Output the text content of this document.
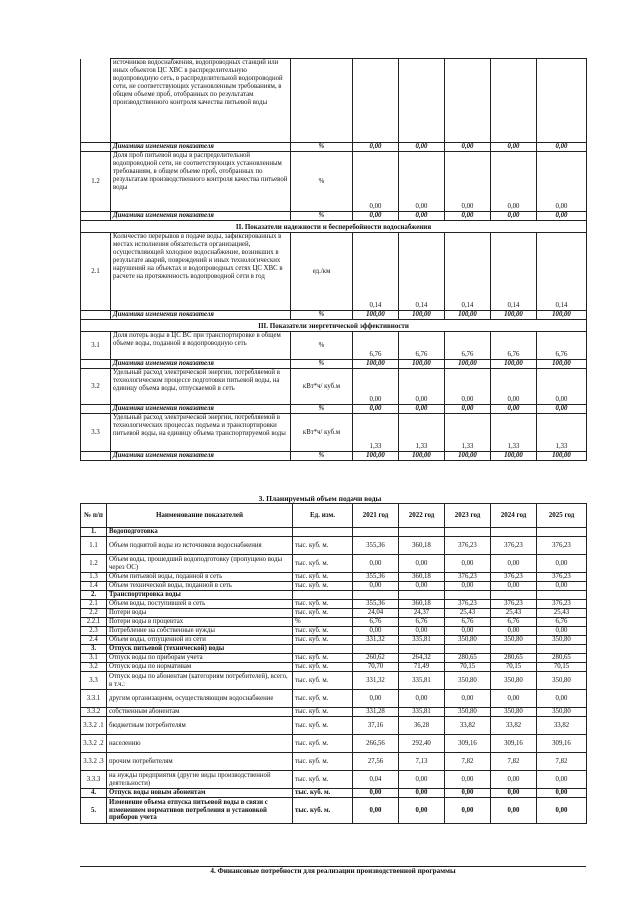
	источников водоснабжения, водопроводных станций или иных объектов ЦС ХВС в распределительную водопроводную сеть, в распределительной водопроводной сети, не соответствующих установленным требованиям, в общем объеме проб, отобранных по результатам производственного контроля качества питьевой воды						
	Динамика изменения показателя	%	0,00	0,00	0,00	0,00	0,00
1.2	Доля проб питьевой воды в распределительной водопроводной сети, не соответствующих установленным требованиям, в общем объеме проб, отобранных по результатам производственного контроля качества питьевой воды	%	0,00	0,00	0,00	0,00	0,00
	Динамика изменения показателя	%	0,00	0,00	0,00	0,00	0,00
II. Показатели надежности и бесперебойности водоснабжения							
2.1	Количество перерывов в подаче воды, зафиксированных в местах исполнения обязательств организацией, осуществляющей холодное водоснабжение, возникших в результате аварий, повреждений и иных технологических нарушений на объектах и водопроводных сетях ЦС ХВС в расчете на протяженность водопроводной сети в год	ед./км	0,14	0,14	0,14	0,14	0,14
	Динамика изменения показателя	%	100,00	100,00	100,00	100,00	100,00
III. Показатели энергетической эффективности							
3.1	Доля потерь воды в ЦС ВС при транспортировке в общем объеме воды, поданной в водопроводную сеть	%	6,76	6,76	6,76	6,76	6,76
	Динамика изменения показателя	%	100,00	100,00	100,00	100,00	100,00
3.2	Удельный расход электрической энергии, потребляемой в технологическом процессе подготовки питьевой воды, на единицу объема воды, отпускаемой в сеть	кВт*ч/ куб.м	0,00	0,00	0,00	0,00	0,00
	Динамика изменения показателя	%	0,00	0,00	0,00	0,00	0,00
3.3	Удельный расход электрической энергии, потребляемой в технологических процессах подъема и транспортировки питьевой воды, на единицу объема транспортируемой воды	кВт*ч/ куб.м	1,33	1,33	1,33	1,33	1,33
	Динамика изменения показателя	%	100,00	100,00	100,00	100,00	100,00
3. Планируемый объем подачи воды
№ п/п	Наименование показателей	Ед. изм.	2021 год	2022 год	2023 год	2024 год	2025 год
1.	Водоподготовка						
1.1	Объем поднятой воды из источников водоснабжения	тыс. куб. м.	355,36	360,18	376,23	376,23	376,23
1.2	Объем воды, прошедший водоподготовку (пропущено воды через ОС)	тыс. куб. м.	0,00	0,00	0,00	0,00	0,00
1.3	Объем питьевой воды, поданной в сеть	тыс. куб. м.	355,36	360,18	376,23	376,23	376,23
1.4	Объем технической воды, поданной в сеть	тыс. куб. м.	0,00	0,00	0,00	0,00	0,00
2.	Транспортировка воды						
2.1	Объем воды, поступившей в сеть	тыс. куб. м.	355,36	360,18	376,23	376,23	376,23
2.2	Потери воды	тыс. куб. м.	24,04	24,37	25,43	25,43	25,43
2.2.1	Потери воды в процентах	%	6,76	6,76	6,76	6,76	6,76
2.3	Потребление на собственные нужды	тыс. куб. м.	0,00	0,00	0,00	0,00	0,00
2.4	Объем воды, отпущенной из сети	тыс. куб. м.	331,32	335,81	350,80	350,80	350,80
3.	Отпуск питьевой (технической) воды						
3.1	Отпуск воды по приборам учета	тыс. куб. м.	260,62	264,32	280,65	280,65	280,65
3.2	Отпуск воды по нормативам	тыс. куб. м.	70,70	71,49	70,15	70,15	70,15
3.3	Отпуск воды по абонентам (категориям потребителей), всего, в т.ч.:	тыс. куб. м.	331,32	335,81	350,80	350,80	350,80
3.3.1	другим организациям, осуществляющим водоснабжение	тыс. куб. м.	0,00	0,00	0,00	0,00	0,00
3.3.2	собственным абонентам	тыс. куб. м.	331,28	335,81	350,80	350,80	350,80
3.3.2 .1	бюджетным потребителям	тыс. куб. м.	37,16	36,28	33,82	33,82	33,82
3.3.2 .2	населению	тыс. куб. м.	266,56	292,40	309,16	309,16	309,16
3.3.2 .3	прочим потребителям	тыс. куб. м.	27,56	7,13	7,82	7,82	7,82
3.3.3	на нужды предприятия (другие виды производственной деятельности)	тыс. куб. м.	0,04	0,00	0,00	0,00	0,00
4.	Отпуск воды новым абонентам	тыс. куб. м.	0,00	0,00	0,00	0,00	0,00
5.	Изменение объема отпуска питьевой воды в связи с изменением нормативов потребления и установкой приборов учета	тыс. куб. м.	0,00	0,00	0,00	0,00	0,00
4. Финансовые потребности для реализации производственной программы
